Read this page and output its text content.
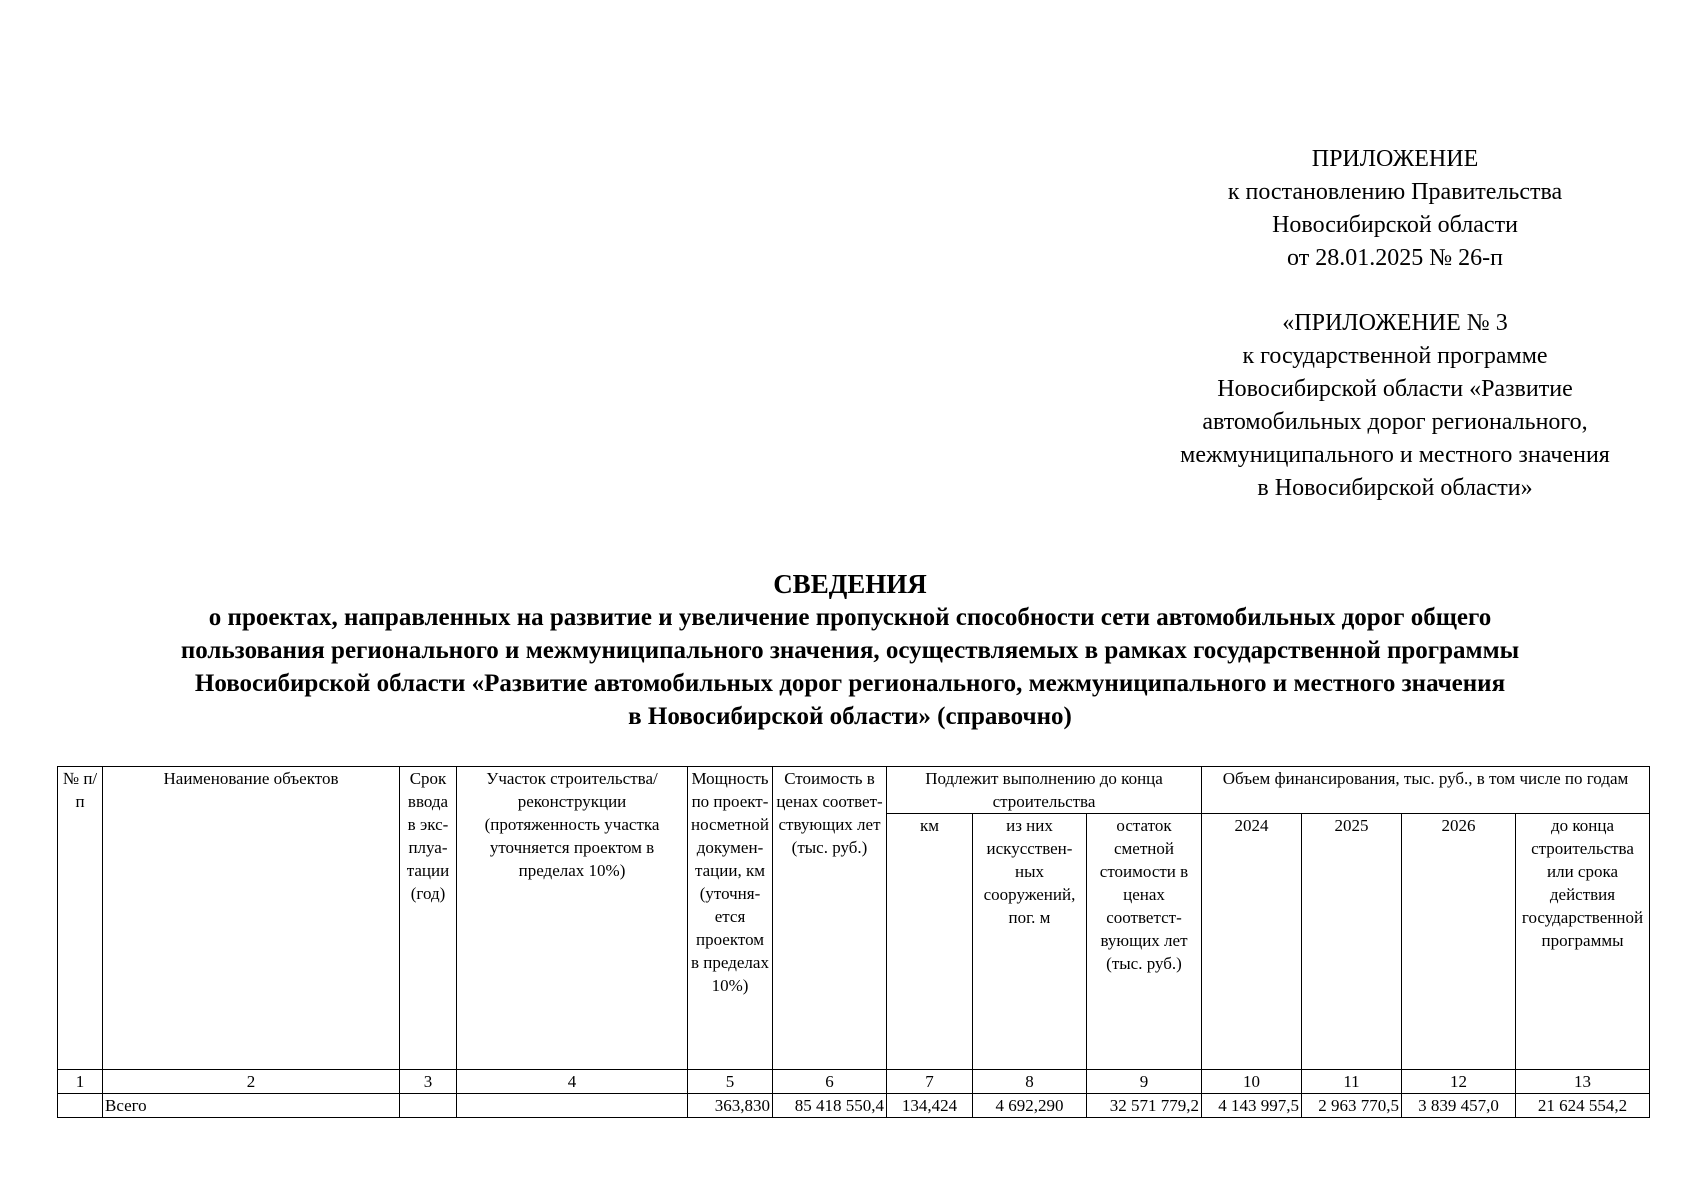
ПРИЛОЖЕНИЕ
к постановлению Правительства
Новосибирской области
от 28.01.2025 № 26-п
«ПРИЛОЖЕНИЕ № 3
к государственной программе
Новосибирской области «Развитие
автомобильных дорог регионального,
межмуниципального и местного значения
в Новосибирской области»
СВЕДЕНИЯ
о проектах, направленных на развитие и увеличение пропускной способности сети автомобильных дорог общего
пользования регионального и межмуниципального значения, осуществляемых в рамках государственной программы
Новосибирской области «Развитие автомобильных дорог регионального, межмуниципального и местного значения
в Новосибирской области» (справочно)
№ п/п	Наименование объектов	Срок ввода в эксплуатации (год)	Участок строительства/реконструкции (протяженность участка уточняется проектом в пределах 10%)	Мощность по проектносметной документации, км (уточняется проектом в пределах 10%)	Стоимость в ценах соответствующих лет (тыс. руб.)	Подлежит выполнению до конца строительства			Объем финансирования, тыс. руб., в том числе по годам			
						км	из них искусственных сооружений, пог. м	остаток сметной стоимости в ценах соответствующих лет (тыс. руб.)	2024	2025	2026	до конца строительства или срока действия государственной программы
1	2	3	4	5	6	7	8	9	10	11	12	13
	Всего			363,830	85 418 550,4	134,424	4 692,290	32 571 779,2	4 143 997,5	2 963 770,5	3 839 457,0	21 624 554,2
